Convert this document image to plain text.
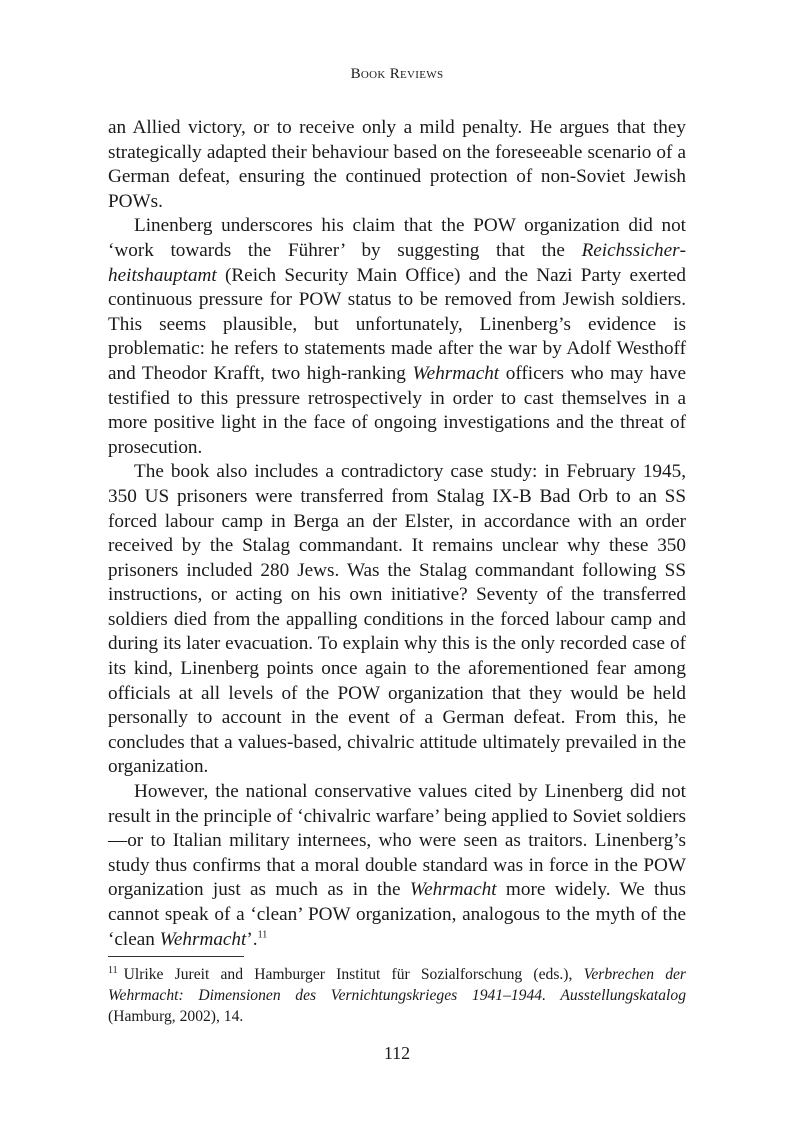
Book Reviews

an Allied victory, or to receive only a mild penalty. He argues that they strategically adapted their behaviour based on the foreseeable scenario of a German defeat, ensuring the continued protection of non-Soviet Jewish POWs.

Linenberg underscores his claim that the POW organization did not ‘work towards the Führer’ by suggesting that the Reichssicherheitshauptamt (Reich Security Main Office) and the Nazi Party exerted continuous pressure for POW status to be removed from Jewish soldiers. This seems plausible, but unfortunately, Linenberg’s evidence is problematic: he refers to statements made after the war by Adolf Westhoff and Theodor Krafft, two high-ranking Wehrmacht officers who may have testified to this pressure retrospectively in order to cast themselves in a more positive light in the face of ongoing investigations and the threat of prosecution.

The book also includes a contradictory case study: in February 1945, 350 US prisoners were transferred from Stalag IX-B Bad Orb to an SS forced labour camp in Berga an der Elster, in accordance with an order received by the Stalag commandant. It remains unclear why these 350 prisoners included 280 Jews. Was the Stalag commandant following SS instructions, or acting on his own initiative? Seventy of the transferred soldiers died from the appalling conditions in the forced labour camp and during its later evacuation. To explain why this is the only recorded case of its kind, Linenberg points once again to the aforementioned fear among officials at all levels of the POW organization that they would be held personally to account in the event of a German defeat. From this, he concludes that a values-based, chivalric attitude ultimately prevailed in the organization.

However, the national conservative values cited by Linenberg did not result in the principle of ‘chivalric warfare’ being applied to Soviet soldiers—or to Italian military internees, who were seen as traitors. Linenberg’s study thus confirms that a moral double standard was in force in the POW organization just as much as in the Wehrmacht more widely. We thus cannot speak of a ‘clean’ POW organization, analogous to the myth of the ‘clean Wehrmacht’.$^{11}$

$^{11}$ Ulrike Jureit and Hamburger Institut für Sozialforschung (eds.), Verbrechen der Wehrmacht: Dimensionen des Vernichtungskrieges 1941–1944. Ausstellungskatalog (Hamburg, 2002), 14.
112
